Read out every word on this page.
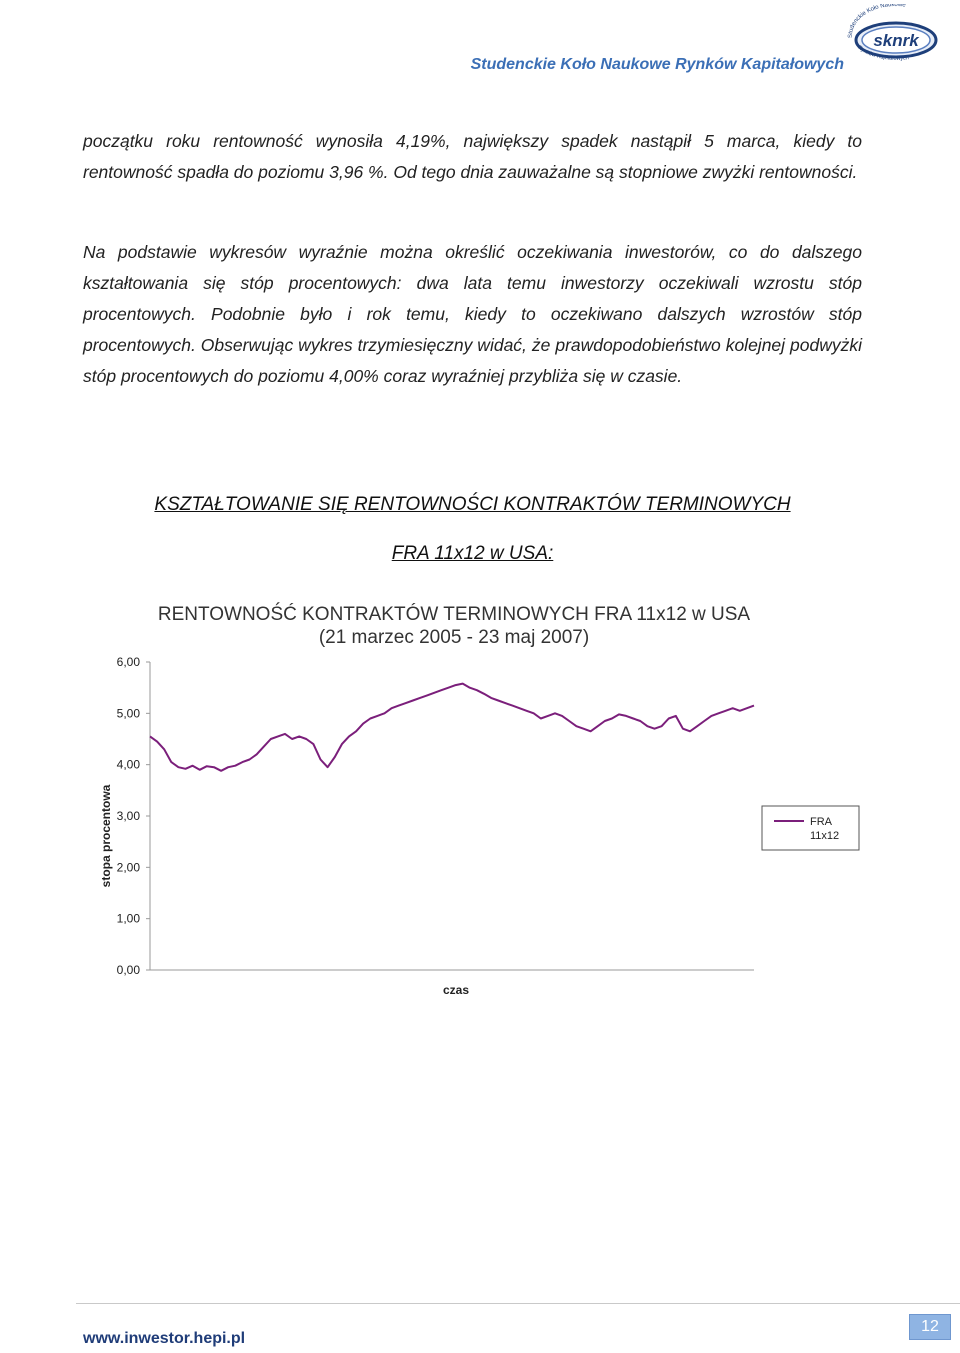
Studenckie Koło Naukowe Rynków Kapitałowych
sknrk
Studenckie Koło Naukowe
Rynków Kapitałowych
początku roku rentowność wynosiła 4,19%, największy spadek nastąpił 5 marca, kiedy to rentowność spadła do poziomu 3,96 %. Od tego dnia zauważalne są stopniowe zwyżki rentowności.
Na podstawie wykresów wyraźnie można określić oczekiwania inwestorów, co do dalszego kształtowania się stóp procentowych: dwa lata temu inwestorzy oczekiwali wzrostu stóp procentowych. Podobnie było i rok temu, kiedy to oczekiwano dalszych wzrostów stóp procentowych. Obserwując wykres trzymiesięczny widać, że prawdopodobieństwo kolejnej podwyżki stóp procentowych do poziomu 4,00% coraz wyraźniej przybliża się w czasie.
KSZTAŁTOWANIE SIĘ RENTOWNOŚCI KONTRAKTÓW TERMINOWYCH
FRA 11x12 w USA:
RENTOWNOŚĆ KONTRAKTÓW TERMINOWYCH FRA 11x12 w USA
(21 marzec 2005 - 23 maj 2007)
0,00
1,00
2,00
3,00
4,00
5,00
6,00
stopa procentowa
czas
FRA 11x12
www.inwestor.hepi.pl
12
